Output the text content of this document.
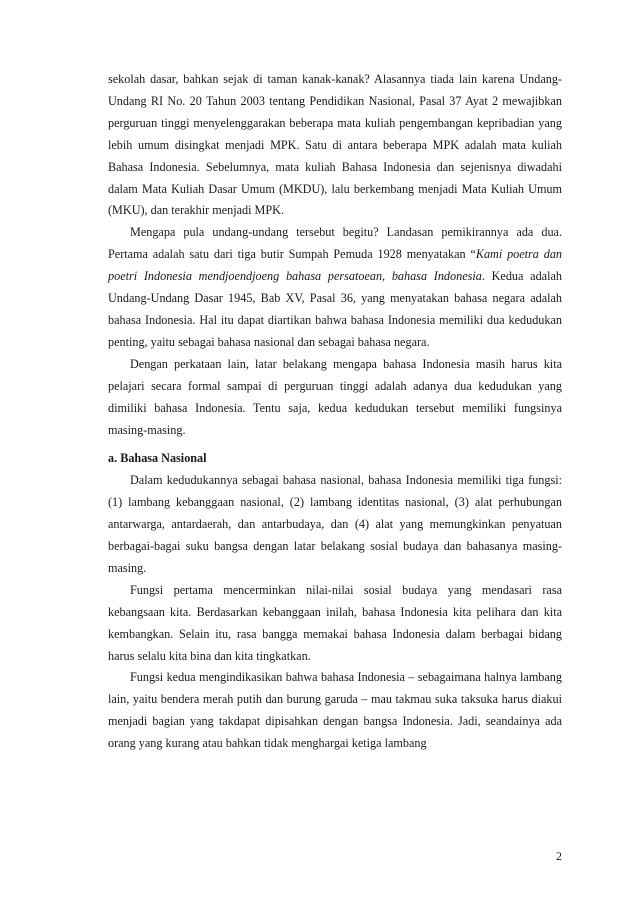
sekolah dasar, bahkan sejak di taman kanak-kanak? Alasannya tiada lain karena Undang-Undang RI No. 20 Tahun 2003 tentang Pendidikan Nasional, Pasal 37 Ayat 2 mewajibkan perguruan tinggi menyelenggarakan beberapa mata kuliah pengembangan kepribadian yang lebih umum disingkat menjadi MPK. Satu di antara beberapa MPK adalah mata kuliah Bahasa Indonesia. Sebelumnya, mata kuliah Bahasa Indonesia dan sejenisnya diwadahi dalam Mata Kuliah Dasar Umum (MKDU), lalu berkembang menjadi Mata Kuliah Umum (MKU), dan terakhir menjadi MPK.

Mengapa pula undang-undang tersebut begitu? Landasan pemikirannya ada dua. Pertama adalah satu dari tiga butir Sumpah Pemuda 1928 menyatakan “Kami poetra dan poetri Indonesia mendjoendjoeng bahasa persatoean, bahasa Indonesia. Kedua adalah Undang-Undang Dasar 1945, Bab XV, Pasal 36, yang menyatakan bahasa negara adalah bahasa Indonesia. Hal itu dapat diartikan bahwa bahasa Indonesia memiliki dua kedudukan penting, yaitu sebagai bahasa nasional dan sebagai bahasa negara.

Dengan perkataan lain, latar belakang mengapa bahasa Indonesia masih harus kita pelajari secara formal sampai di perguruan tinggi adalah adanya dua kedudukan yang dimiliki bahasa Indonesia. Tentu saja, kedua kedudukan tersebut memiliki fungsinya masing-masing.

a. Bahasa Nasional

Dalam kedudukannya sebagai bahasa nasional, bahasa Indonesia memiliki tiga fungsi: (1) lambang kebanggaan nasional, (2) lambang identitas nasional, (3) alat perhubungan antarwarga, antardaerah, dan antarbudaya, dan (4) alat yang memungkinkan penyatuan berbagai-bagai suku bangsa dengan latar belakang sosial budaya dan bahasanya masing-masing.

Fungsi pertama mencerminkan nilai-nilai sosial budaya yang mendasari rasa kebangsaan kita. Berdasarkan kebanggaan inilah, bahasa Indonesia kita pelihara dan kita kembangkan. Selain itu, rasa bangga memakai bahasa Indonesia dalam berbagai bidang harus selalu kita bina dan kita tingkatkan.

Fungsi kedua mengindikasikan bahwa bahasa Indonesia – sebagaimana halnya lambang lain, yaitu bendera merah putih dan burung garuda – mau takmau suka taksuka harus diakui menjadi bagian yang takdapat dipisahkan dengan bangsa Indonesia. Jadi, seandainya ada orang yang kurang atau bahkan tidak menghargai ketiga lambang

2
